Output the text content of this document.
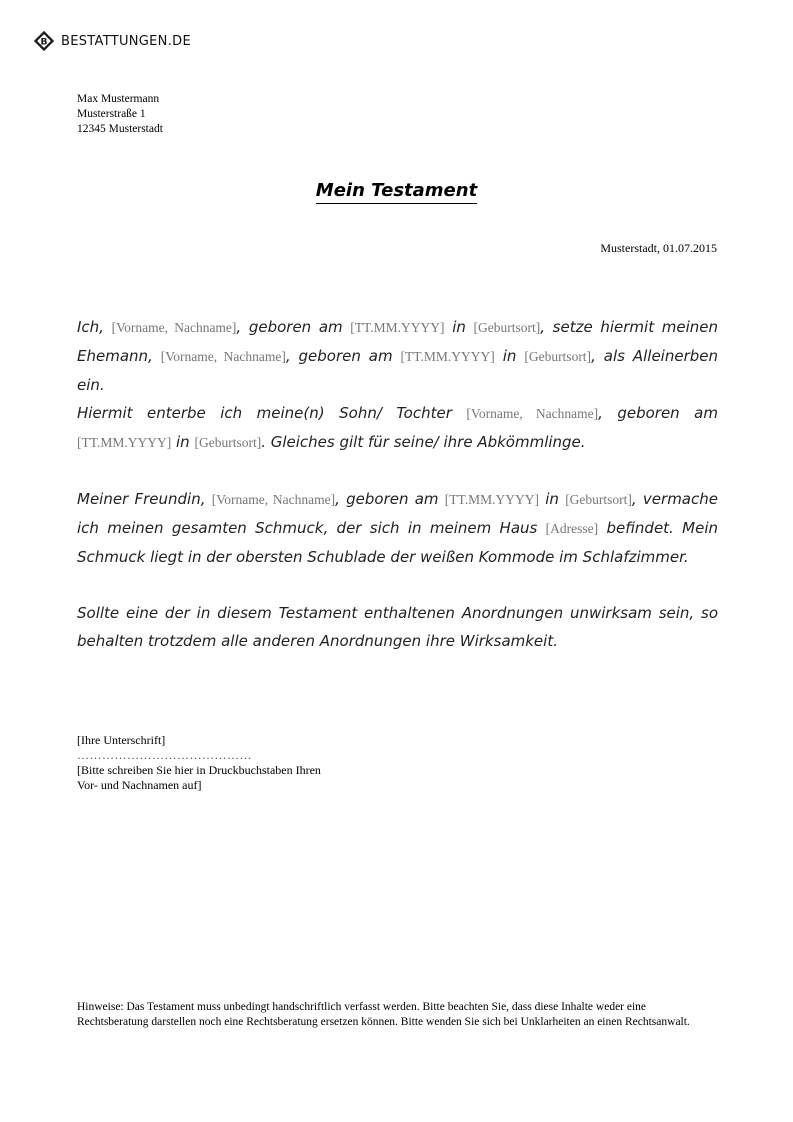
B BESTATTUNGEN.DE
Max Mustermann
Musterstraße 1
12345 Musterstadt
Mein Testament
Musterstadt, 01.07.2015

Ich, [Vorname, Nachname], geboren am [TT.MM.YYYY] in [Geburtsort], setze hiermit meinen Ehemann, [Vorname, Nachname], geboren am [TT.MM.YYYY] in [Geburtsort], als Alleinerben ein.

Hiermit enterbe ich meine(n) Sohn/ Tochter [Vorname, Nachname], geboren am [TT.MM.YYYY] in [Geburtsort]. Gleiches gilt für seine/ ihre Abkömmlinge.

Meiner Freundin, [Vorname, Nachname], geboren am [TT.MM.YYYY] in [Geburtsort], vermache ich meinen gesamten Schmuck, der sich in meinem Haus [Adresse] befindet. Mein Schmuck liegt in der obersten Schublade der weißen Kommode im Schlafzimmer.

Sollte eine der in diesem Testament enthaltenen Anordnungen unwirksam sein, so behalten trotzdem alle anderen Anordnungen ihre Wirksamkeit.

[Ihre Unterschrift]
……………………………………
[Bitte schreiben Sie hier in Druckbuchstaben Ihren
Vor- und Nachnamen auf]
Hinweise: Das Testament muss unbedingt handschriftlich verfasst werden. Bitte beachten Sie, dass diese Inhalte weder eine Rechtsberatung darstellen noch eine Rechtsberatung ersetzen können. Bitte wenden Sie sich bei Unklarheiten an einen Rechtsanwalt.
